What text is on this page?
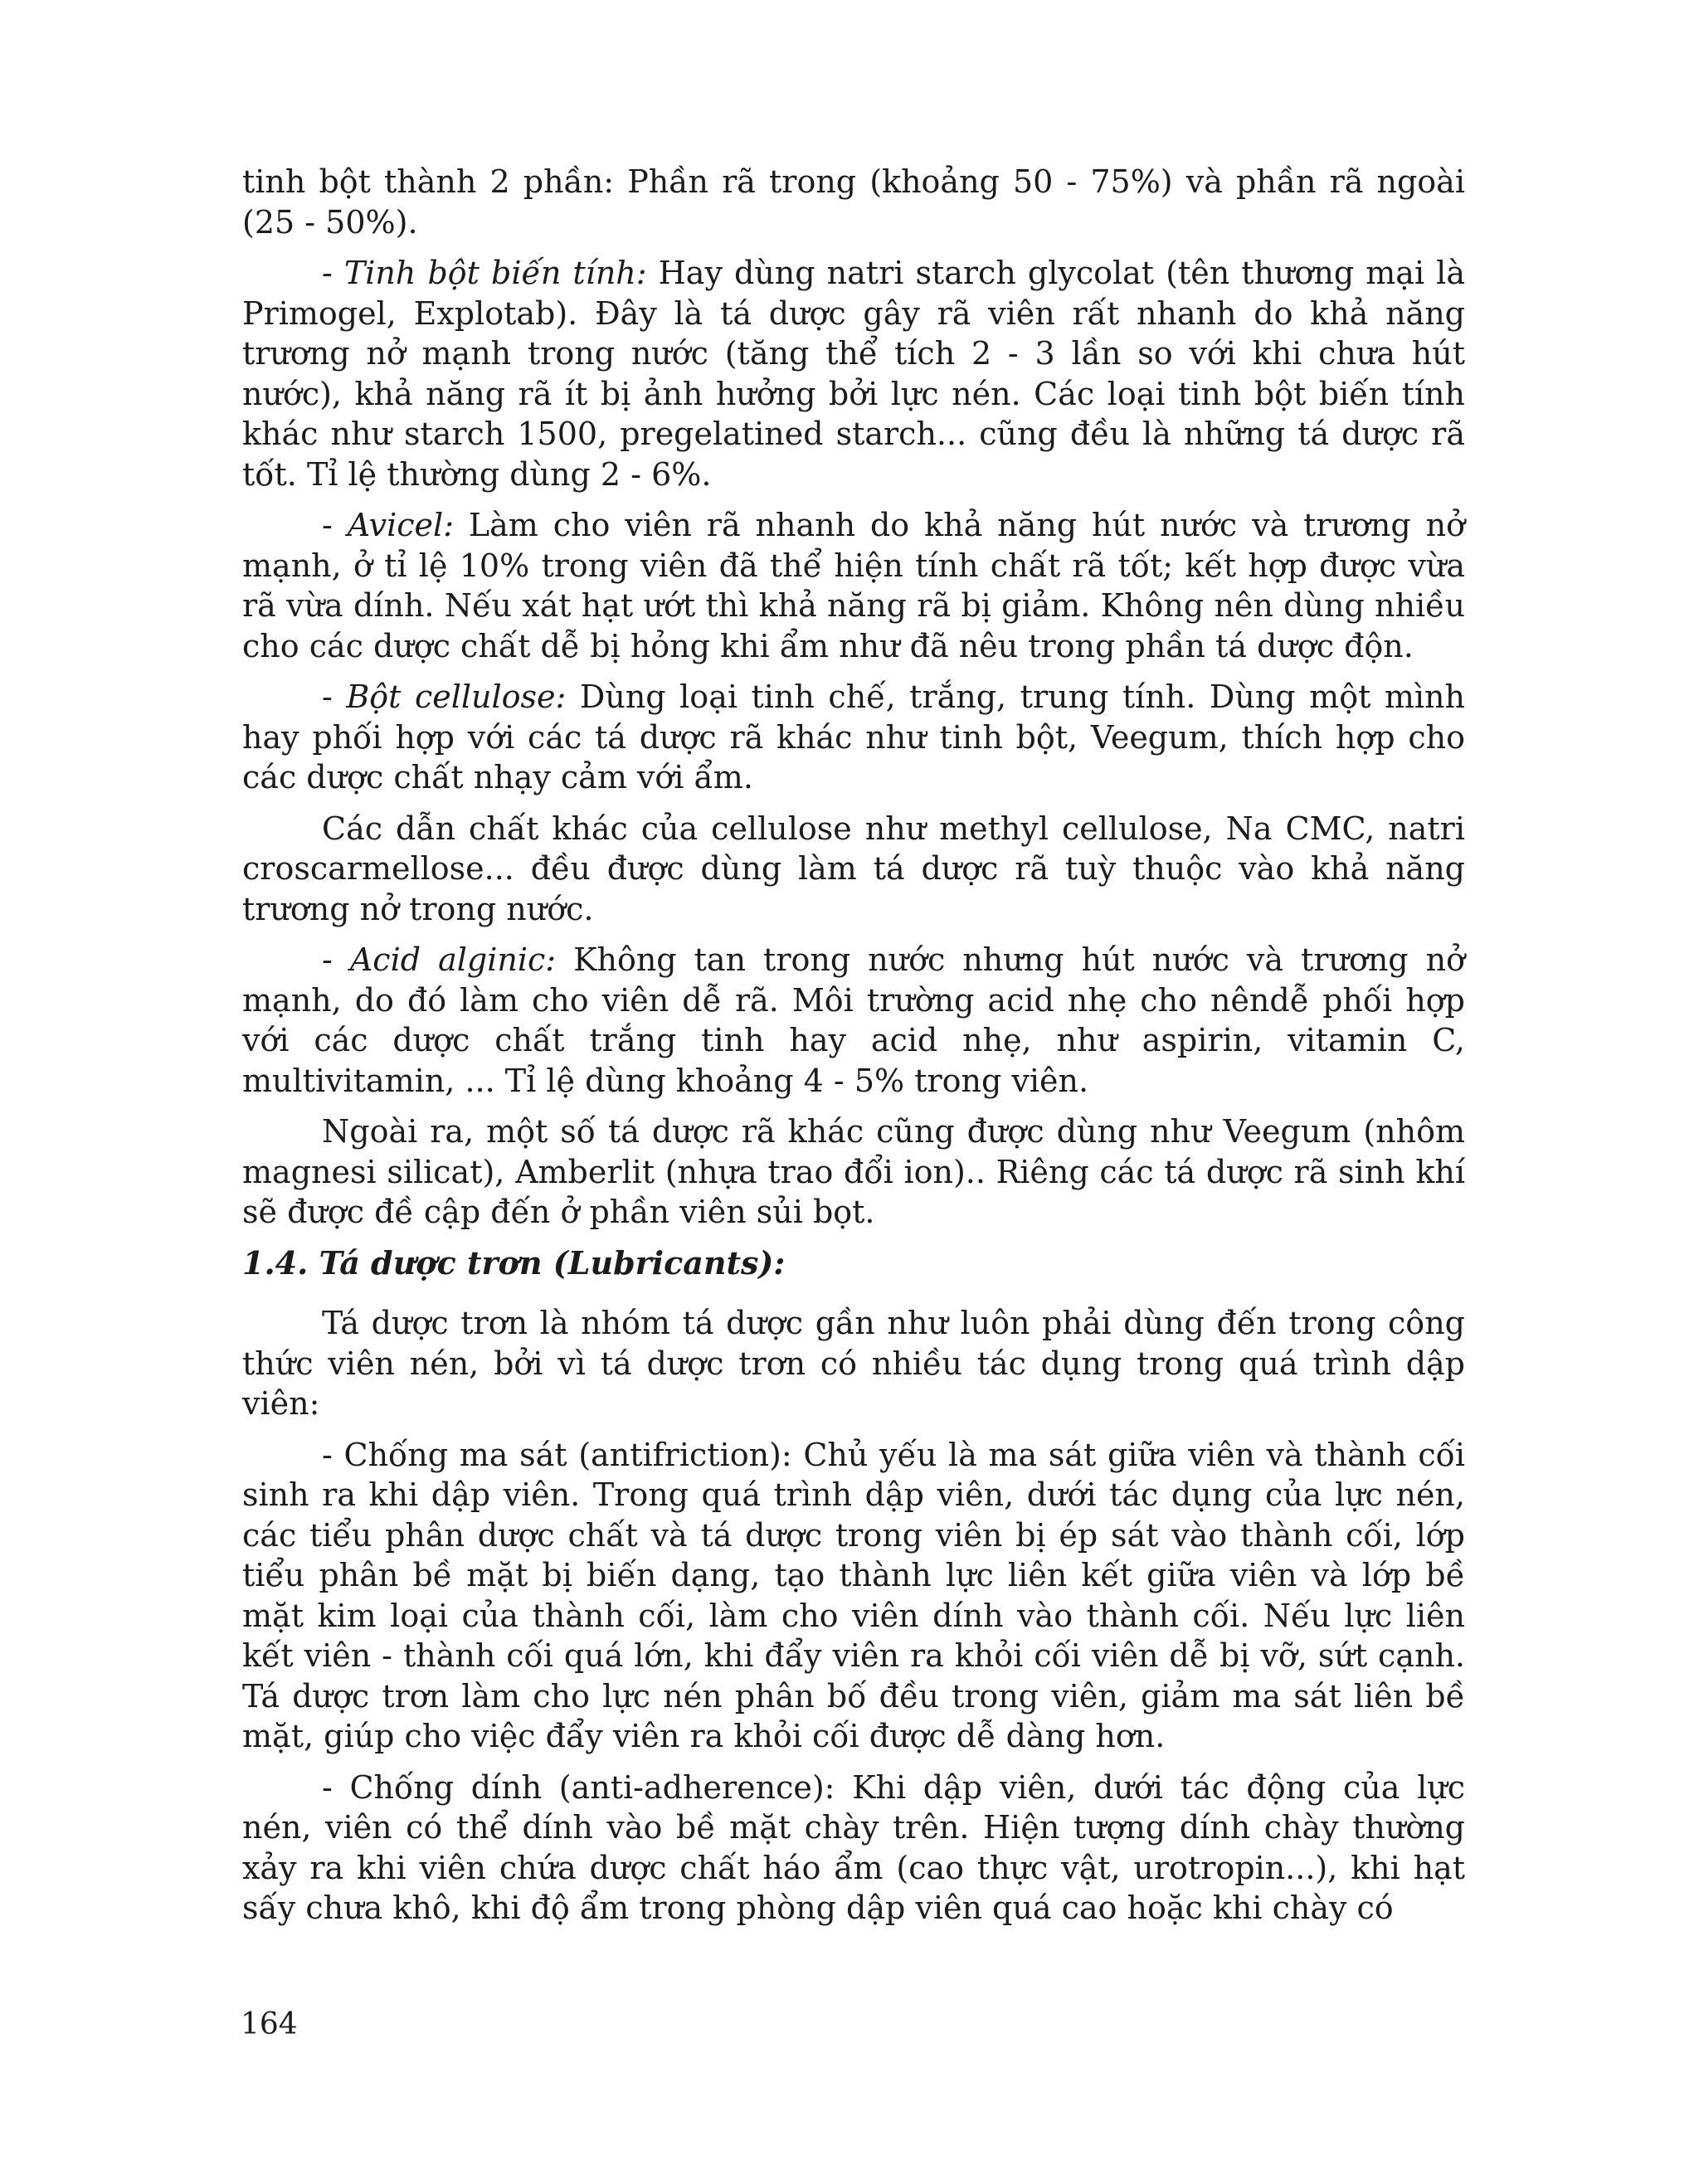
tinh bột thành 2 phần: Phần rã trong (khoảng 50 - 75%) và phần rã ngoài (25 - 50%).

- Tinh bột biến tính: Hay dùng natri starch glycolat (tên thương mại là Primogel, Explotab). Đây là tá dược gây rã viên rất nhanh do khả năng trương nở mạnh trong nước (tăng thể tích 2 - 3 lần so với khi chưa hút nước), khả năng rã ít bị ảnh hưởng bởi lực nén. Các loại tinh bột biến tính khác như starch 1500, pregelatined starch... cũng đều là những tá dược rã tốt. Tỉ lệ thường dùng 2 - 6%.

- Avicel: Làm cho viên rã nhanh do khả năng hút nước và trương nở mạnh, ở tỉ lệ 10% trong viên đã thể hiện tính chất rã tốt; kết hợp được vừa rã vừa dính. Nếu xát hạt ướt thì khả năng rã bị giảm. Không nên dùng nhiều cho các dược chất dễ bị hỏng khi ẩm như đã nêu trong phần tá dược độn.

- Bột cellulose: Dùng loại tinh chế, trắng, trung tính. Dùng một mình hay phối hợp với các tá dược rã khác như tinh bột, Veegum, thích hợp cho các dược chất nhạy cảm với ẩm.

Các dẫn chất khác của cellulose như methyl cellulose, Na CMC, natri croscarmellose... đều được dùng làm tá dược rã tuỳ thuộc vào khả năng trương nở trong nước.

- Acid alginic: Không tan trong nước nhưng hút nước và trương nở mạnh, do đó làm cho viên dễ rã. Môi trường acid nhẹ cho nêndễ phối hợp với các dược chất trắng tinh hay acid nhẹ, như aspirin, vitamin C, multivitamin, ... Tỉ lệ dùng khoảng 4 - 5% trong viên.

Ngoài ra, một số tá dược rã khác cũng được dùng như Veegum (nhôm magnesi silicat), Amberlit (nhựa trao đổi ion).. Riêng các tá dược rã sinh khí sẽ được đề cập đến ở phần viên sủi bọt.

1.4. Tá dược trơn (Lubricants):

Tá dược trơn là nhóm tá dược gần như luôn phải dùng đến trong công thức viên nén, bởi vì tá dược trơn có nhiều tác dụng trong quá trình dập viên:

- Chống ma sát (antifriction): Chủ yếu là ma sát giữa viên và thành cối sinh ra khi dập viên. Trong quá trình dập viên, dưới tác dụng của lực nén, các tiểu phân dược chất và tá dược trong viên bị ép sát vào thành cối, lớp tiểu phân bề mặt bị biến dạng, tạo thành lực liên kết giữa viên và lớp bề mặt kim loại của thành cối, làm cho viên dính vào thành cối. Nếu lực liên kết viên - thành cối quá lớn, khi đẩy viên ra khỏi cối viên dễ bị vỡ, sứt cạnh. Tá dược trơn làm cho lực nén phân bố đều trong viên, giảm ma sát liên bề mặt, giúp cho việc đẩy viên ra khỏi cối được dễ dàng hơn.

- Chống dính (anti-adherence): Khi dập viên, dưới tác động của lực nén, viên có thể dính vào bề mặt chày trên. Hiện tượng dính chày thường xảy ra khi viên chứa dược chất háo ẩm (cao thực vật, urotropin...), khi hạt sấy chưa khô, khi độ ẩm trong phòng dập viên quá cao hoặc khi chày có

164
